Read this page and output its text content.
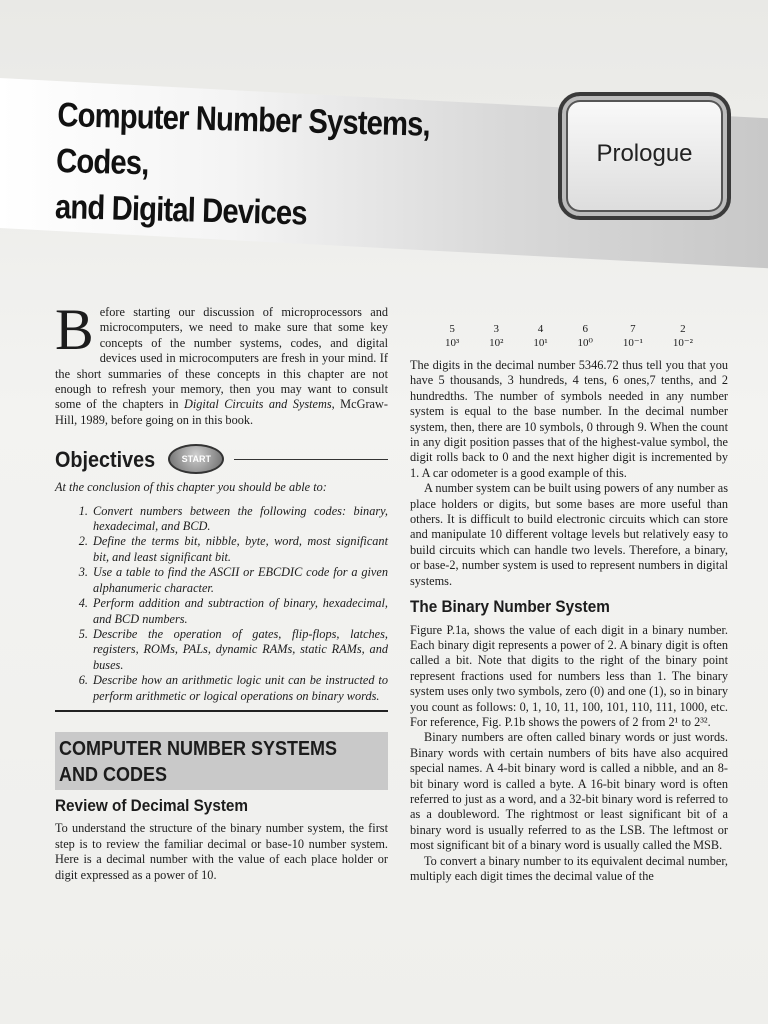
Computer Number Systems, Codes,
and Digital Devices
Prologue

Before starting our discussion of microprocessors and microcomputers, we need to make sure that some key concepts of the number systems, codes, and digital devices used in microcomputers are fresh in your mind. If the short summaries of these concepts in this chapter are not enough to refresh your memory, then you may want to consult some of the chapters in Digital Circuits and Systems, McGraw-Hill, 1989, before going on in this book.

Objectives	START
At the conclusion of this chapter you should be able to:
1. Convert numbers between the following codes: binary, hexadecimal, and BCD.
2. Define the terms bit, nibble, byte, word, most significant bit, and least significant bit.
3. Use a table to find the ASCII or EBCDIC code for a given alphanumeric character.
4. Perform addition and subtraction of binary, hexadecimal, and BCD numbers.
5. Describe the operation of gates, flip-flops, latches, registers, ROMs, PALs, dynamic RAMs, static RAMs, and buses.
6. Describe how an arithmetic logic unit can be instructed to perform arithmetic or logical operations on binary words.
COMPUTER NUMBER SYSTEMS
AND CODES
Review of Decimal System

To understand the structure of the binary number system, the first step is to review the familiar decimal or base-10 number system. Here is a decimal number with the value of each place holder or digit expressed as a power of 10.

5
10³
3
10²
4
10¹
6
10⁰
7
10⁻¹
2
10⁻²

The digits in the decimal number 5346.72 thus tell you that you have 5 thousands, 3 hundreds, 4 tens, 6 ones,7 tenths, and 2 hundredths. The number of symbols needed in any number system is equal to the base number. In the decimal number system, then, there are 10 symbols, 0 through 9. When the count in any digit position passes that of the highest-value symbol, the digit rolls back to 0 and the next higher digit is incremented by 1. A car odometer is a good example of this.

A number system can be built using powers of any number as place holders or digits, but some bases are more useful than others. It is difficult to build electronic circuits which can store and manipulate 10 different voltage levels but relatively easy to build circuits which can handle two levels. Therefore, a binary, or base-2, number system is used to represent numbers in digital systems.

The Binary Number System

Figure P.1a, shows the value of each digit in a binary number. Each binary digit represents a power of 2. A binary digit is often called a bit. Note that digits to the right of the binary point represent fractions used for numbers less than 1. The binary system uses only two symbols, zero (0) and one (1), so in binary you count as follows: 0, 1, 10, 11, 100, 101, 110, 111, 1000, etc. For reference, Fig. P.1b shows the powers of 2 from 2¹ to 2³².

Binary numbers are often called binary words or just words. Binary words with certain numbers of bits have also acquired special names. A 4-bit binary word is called a nibble, and an 8-bit binary word is called a byte. A 16-bit binary word is often referred to just as a word, and a 32-bit binary word is referred to as a doubleword. The rightmost or least significant bit of a binary word is usually referred to as the LSB. The leftmost or most significant bit of a binary word is usually called the MSB.

To convert a binary number to its equivalent decimal number, multiply each digit times the decimal value of the
